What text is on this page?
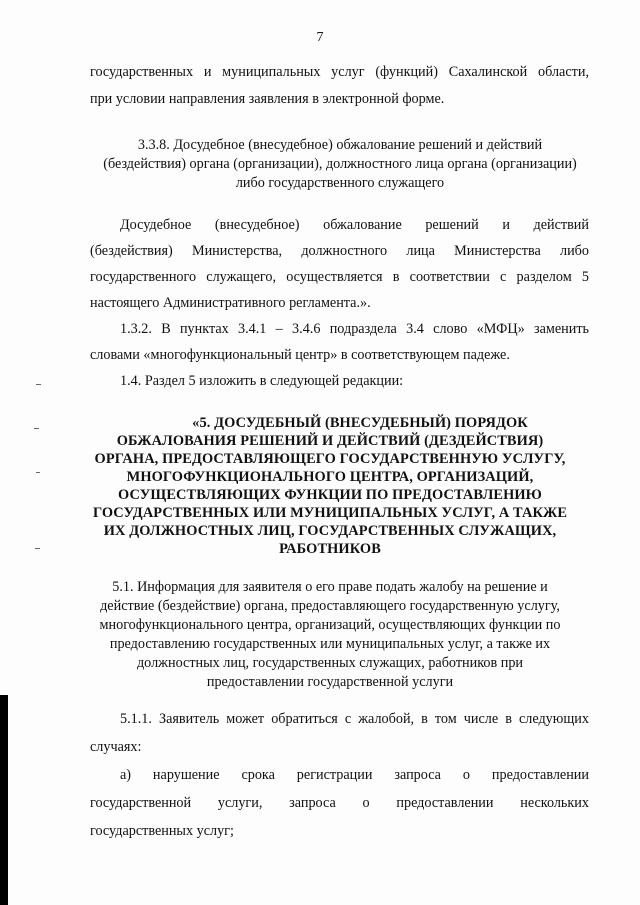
7
государственных и муниципальных услуг (функций) Сахалинской области,
при условии направления заявления в электронной форме.
3.3.8. Досудебное (внесудебное) обжалование решений и действий
(бездействия) органа (организации), должностного лица органа (организации)
либо государственного служащего
Досудебное (внесудебное) обжалование решений и действий
(бездействия) Министерства, должностного лица Министерства либо
государственного служащего, осуществляется в соответствии с разделом 5
настоящего Административного регламента.».
1.3.2. В пунктах 3.4.1 – 3.4.6 подраздела 3.4 слово «МФЦ» заменить
словами «многофункциональный центр» в соответствующем падеже.
1.4. Раздел 5 изложить в следующей редакции:
«5. ДОСУДЕБНЫЙ (ВНЕСУДЕБНЫЙ) ПОРЯДОК
ОБЖАЛОВАНИЯ РЕШЕНИЙ И ДЕЙСТВИЙ (ДЕЗДЕЙСТВИЯ)
ОРГАНА, ПРЕДОСТАВЛЯЮЩЕГО ГОСУДАРСТВЕННУЮ УСЛУГУ,
МНОГОФУНКЦИОНАЛЬНОГО ЦЕНТРА, ОРГАНИЗАЦИЙ,
ОСУЩЕСТВЛЯЮЩИХ ФУНКЦИИ ПО ПРЕДОСТАВЛЕНИЮ
ГОСУДАРСТВЕННЫХ ИЛИ МУНИЦИПАЛЬНЫХ УСЛУГ, А ТАКЖЕ
ИХ ДОЛЖНОСТНЫХ ЛИЦ, ГОСУДАРСТВЕННЫХ СЛУЖАЩИХ,
РАБОТНИКОВ
5.1. Информация для заявителя о его праве подать жалобу на решение и
действие (бездействие) органа, предоставляющего государственную услугу,
многофункционального центра, организаций, осуществляющих функции по
предоставлению государственных или муниципальных услуг, а также их
должностных лиц, государственных служащих, работников при
предоставлении государственной услуги
5.1.1. Заявитель может обратиться с жалобой, в том числе в следующих
случаях:
а) нарушение срока регистрации запроса о предоставлении
государственной услуги, запроса о предоставлении нескольких
государственных услуг;
